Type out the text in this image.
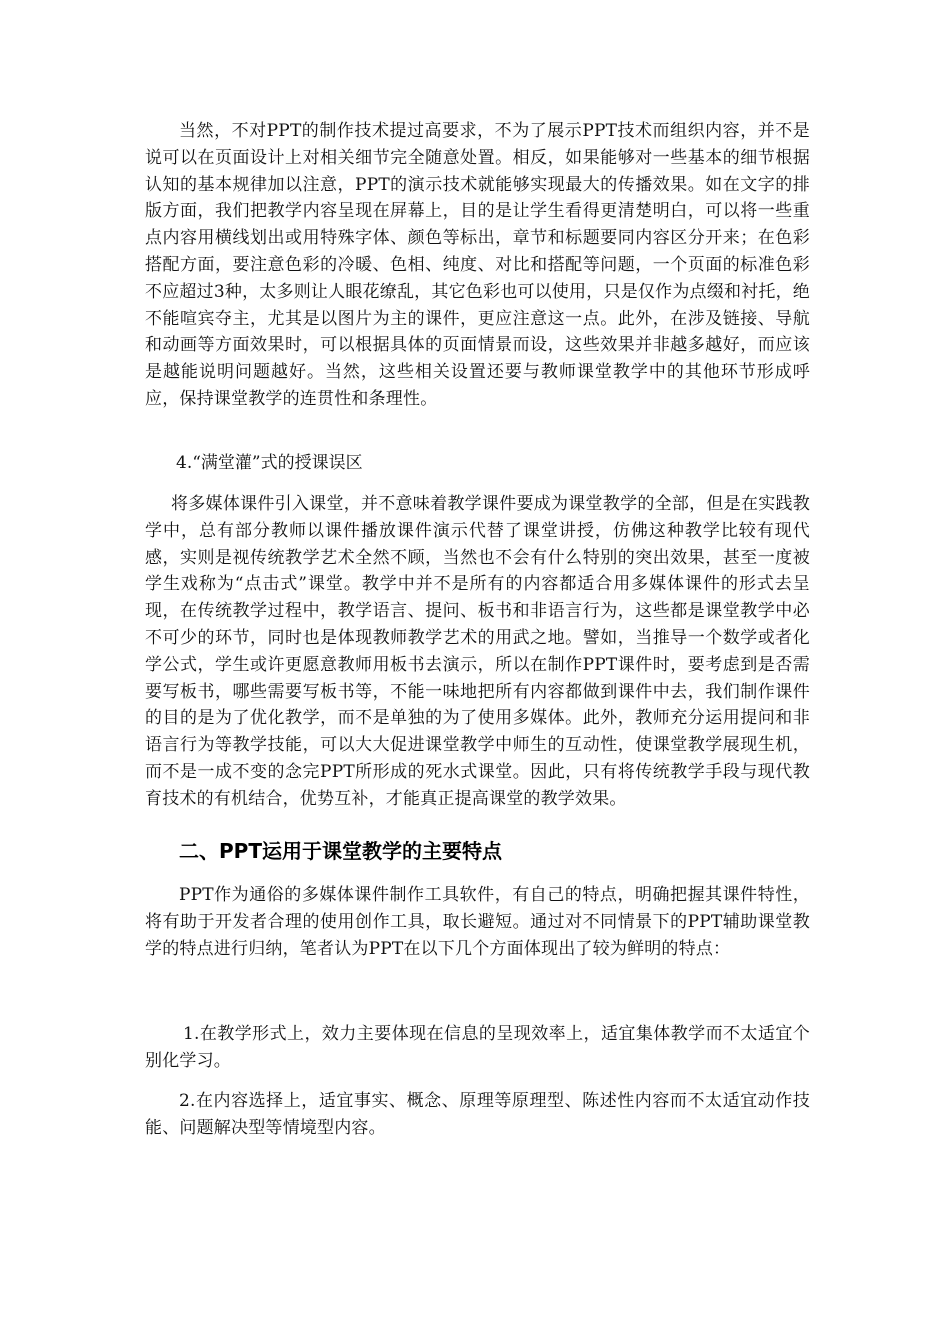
当然，不对PPT的制作技术提过高要求，不为了展示PPT技术而组织内容，并不是说可以在页面设计上对相关细节完全随意处置。相反，如果能够对一些基本的细节根据认知的基本规律加以注意，PPT的演示技术就能够实现最大的传播效果。如在文字的排版方面，我们把教学内容呈现在屏幕上，目的是让学生看得更清楚明白，可以将一些重点内容用横线划出或用特殊字体、颜色等标出，章节和标题要同内容区分开来；在色彩搭配方面，要注意色彩的冷暖、色相、纯度、对比和搭配等问题，一个页面的标准色彩不应超过3种，太多则让人眼花缭乱，其它色彩也可以使用，只是仅作为点缀和衬托，绝不能喧宾夺主，尤其是以图片为主的课件，更应注意这一点。此外，在涉及链接、导航和动画等方面效果时，可以根据具体的页面情景而设，这些效果并非越多越好，而应该是越能说明问题越好。当然，这些相关设置还要与教师课堂教学中的其他环节形成呼应，保持课堂教学的连贯性和条理性。

4.“满堂灌”式的授课误区

将多媒体课件引入课堂，并不意味着教学课件要成为课堂教学的全部，但是在实践教学中，总有部分教师以课件播放课件演示代替了课堂讲授，仿佛这种教学比较有现代感，实则是视传统教学艺术全然不顾，当然也不会有什么特别的突出效果，甚至一度被学生戏称为“点击式”课堂。教学中并不是所有的内容都适合用多媒体课件的形式去呈现，在传统教学过程中，教学语言、提问、板书和非语言行为，这些都是课堂教学中必不可少的环节，同时也是体现教师教学艺术的用武之地。譬如，当推导一个数学或者化学公式，学生或许更愿意教师用板书去演示，所以在制作PPT课件时，要考虑到是否需要写板书，哪些需要写板书等，不能一味地把所有内容都做到课件中去，我们制作课件的目的是为了优化教学，而不是单独的为了使用多媒体。此外，教师充分运用提问和非语言行为等教学技能，可以大大促进课堂教学中师生的互动性，使课堂教学展现生机，而不是一成不变的念完PPT所形成的死水式课堂。因此，只有将传统教学手段与现代教育技术的有机结合，优势互补，才能真正提高课堂的教学效果。

二、PPT运用于课堂教学的主要特点

PPT作为通俗的多媒体课件制作工具软件，有自己的特点，明确把握其课件特性，将有助于开发者合理的使用创作工具，取长避短。通过对不同情景下的PPT辅助课堂教学的特点进行归纳，笔者认为PPT在以下几个方面体现出了较为鲜明的特点：

1.在教学形式上，效力主要体现在信息的呈现效率上，适宜集体教学而不太适宜个别化学习。

2.在内容选择上，适宜事实、概念、原理等原理型、陈述性内容而不太适宜动作技能、问题解决型等情境型内容。
